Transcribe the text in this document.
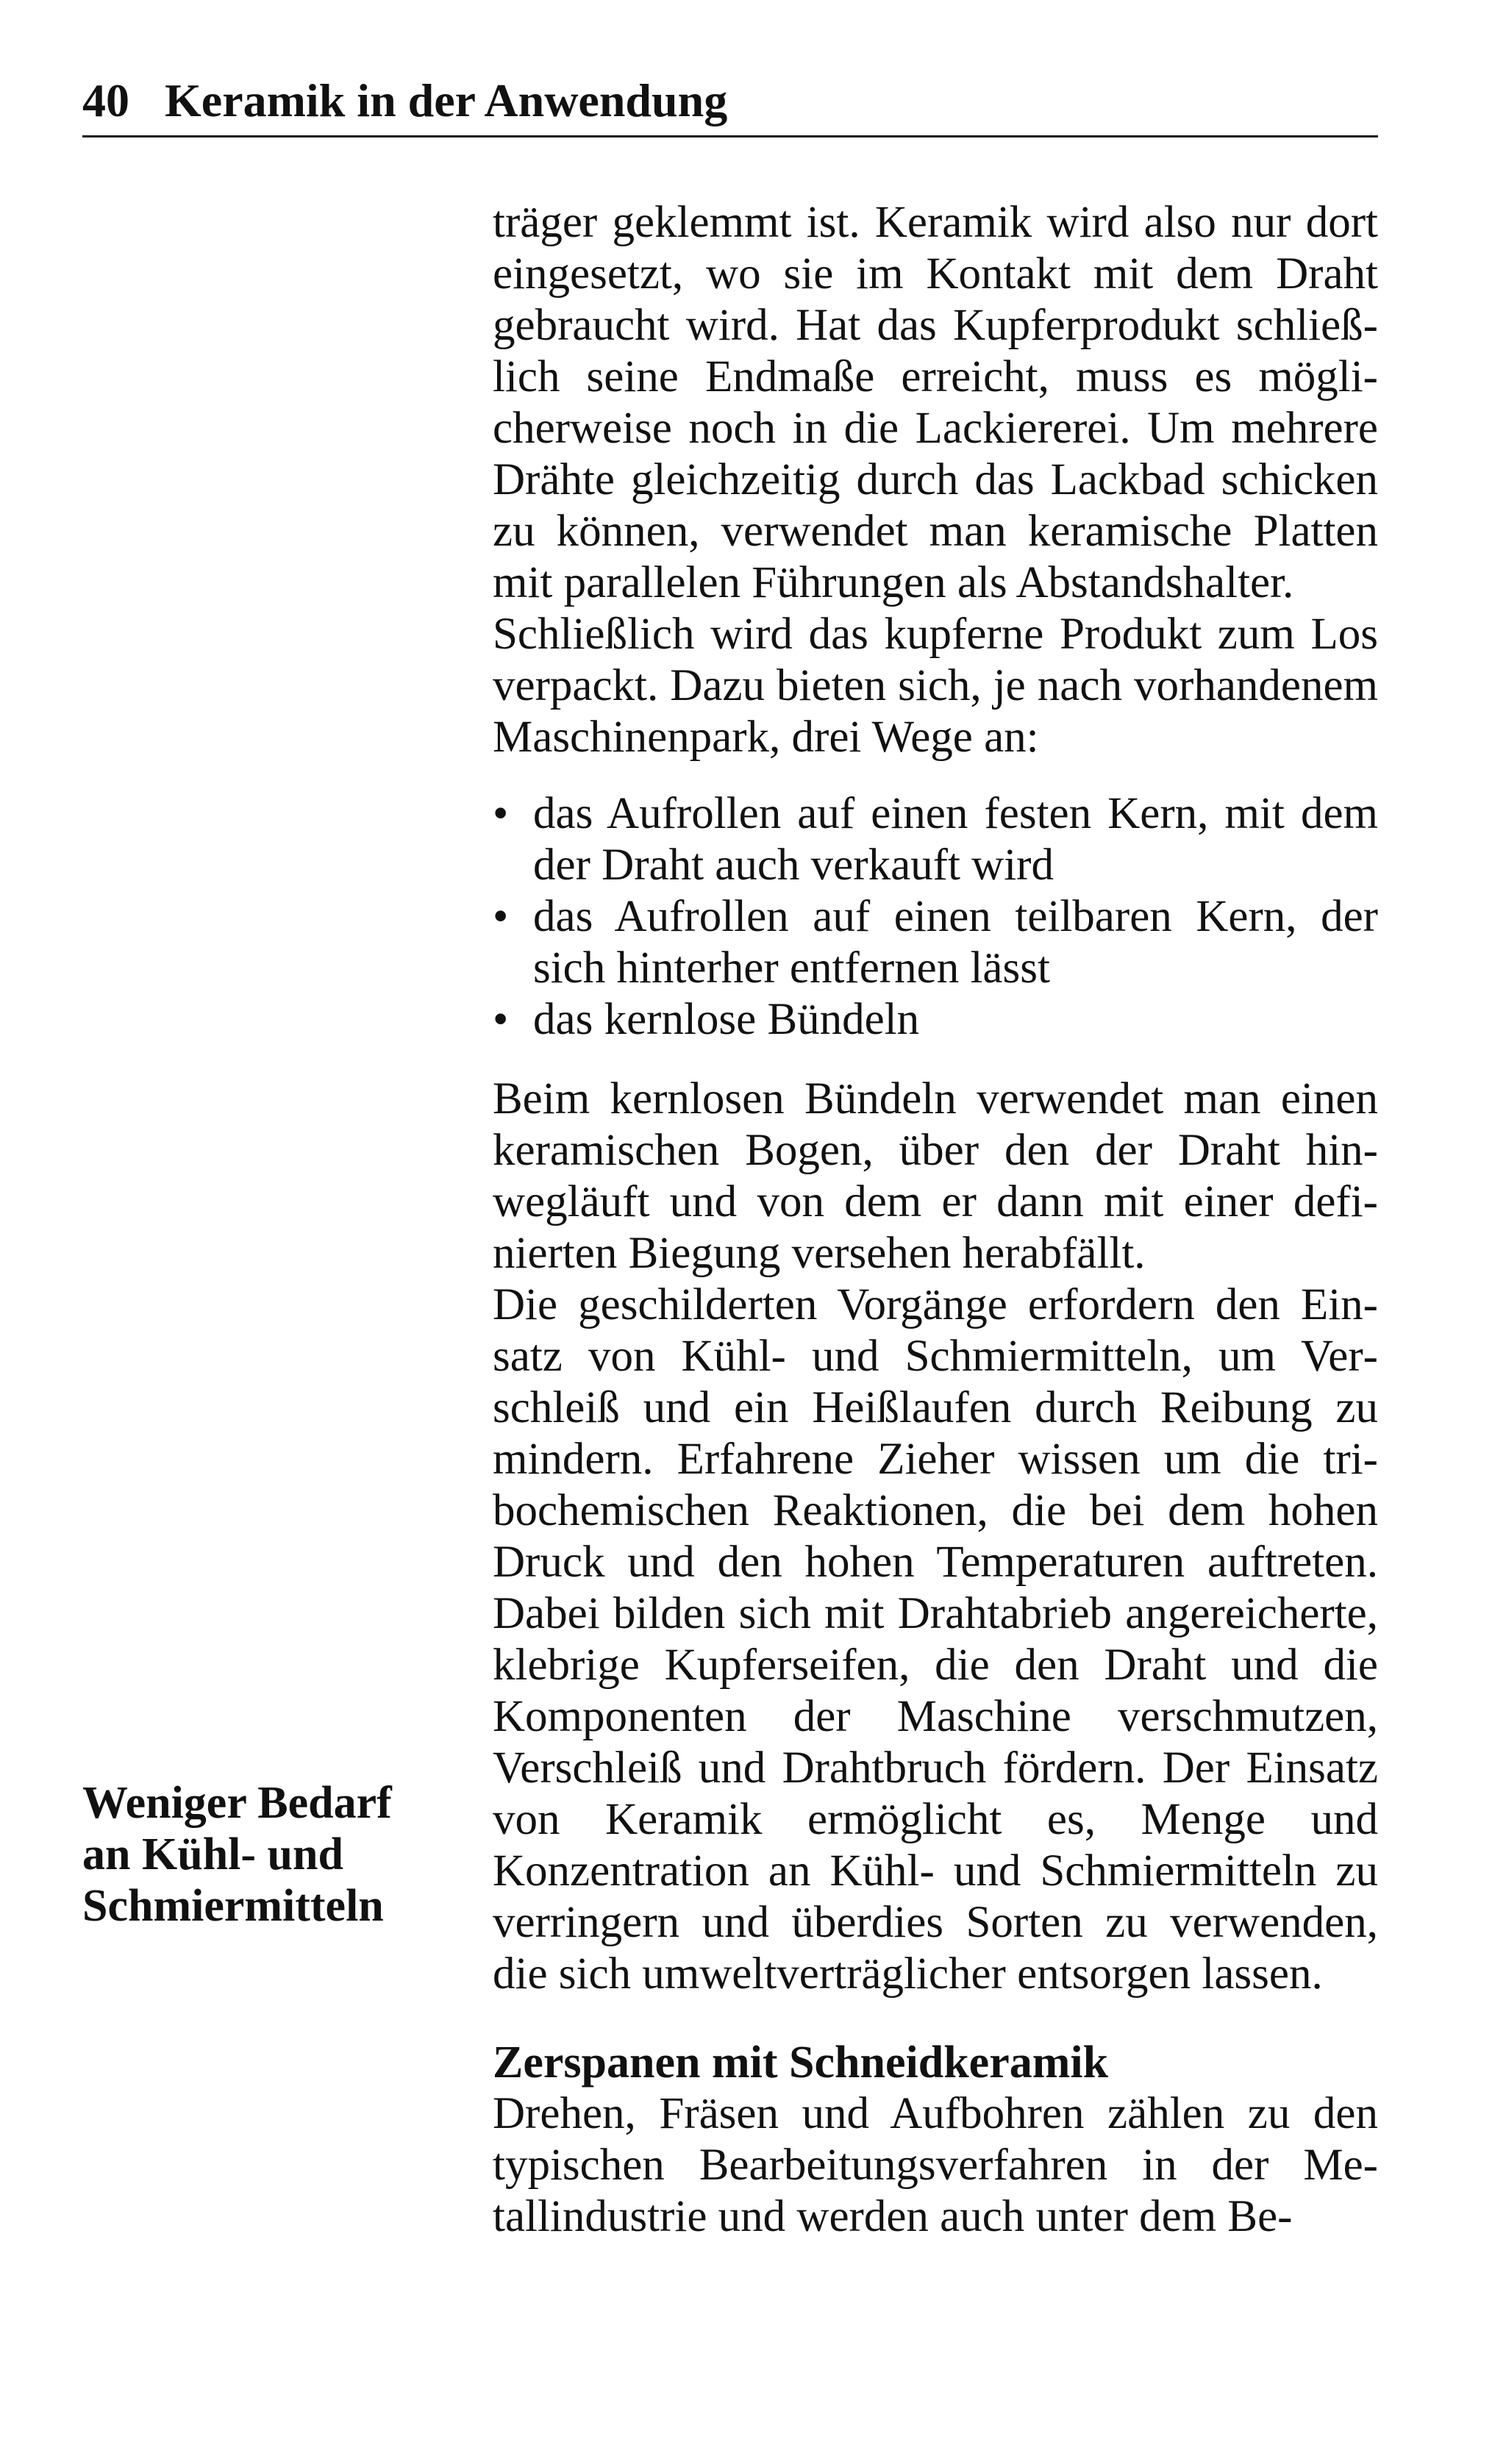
40 Keramik in der Anwendung
Weniger Bedarf
an Kühl- und
Schmiermitteln

träger geklemmt ist. Keramik wird also nur dort eingesetzt, wo sie im Kontakt mit dem Draht gebraucht wird. Hat das Kupferprodukt schließlich seine Endmaße erreicht, muss es möglicherweise noch in die Lackiererei. Um mehrere Drähte gleichzeitig durch das Lackbad schicken zu können, verwendet man keramische Platten mit parallelen Führungen als Abstandshalter.

Schließlich wird das kupferne Produkt zum Los verpackt. Dazu bieten sich, je nach vorhandenem Maschinenpark, drei Wege an:

• das Aufrollen auf einen festen Kern, mit dem der Draht auch verkauft wird
• das Aufrollen auf einen teilbaren Kern, der sich hinterher entfernen lässt
• das kernlose Bündeln

Beim kernlosen Bündeln verwendet man einen keramischen Bogen, über den der Draht hinwegläuft und von dem er dann mit einer definierten Biegung versehen herabfällt.

Die geschilderten Vorgänge erfordern den Einsatz von Kühl- und Schmiermitteln, um Verschleiß und ein Heißlaufen durch Reibung zu mindern. Erfahrene Zieher wissen um die tribochemischen Reaktionen, die bei dem hohen Druck und den hohen Temperaturen auftreten. Dabei bilden sich mit Drahtabrieb angereicherte, klebrige Kupferseifen, die den Draht und die Komponenten der Maschine verschmutzen, Verschleiß und Drahtbruch fördern. Der Einsatz von Keramik ermöglicht es, Menge und Konzentration an Kühl- und Schmiermitteln zu verringern und überdies Sorten zu verwenden, die sich umweltverträglicher entsorgen lassen.

Zerspanen mit Schneidkeramik

Drehen, Fräsen und Aufbohren zählen zu den typischen Bearbeitungsverfahren in der Metallindustrie und werden auch unter dem Be-
